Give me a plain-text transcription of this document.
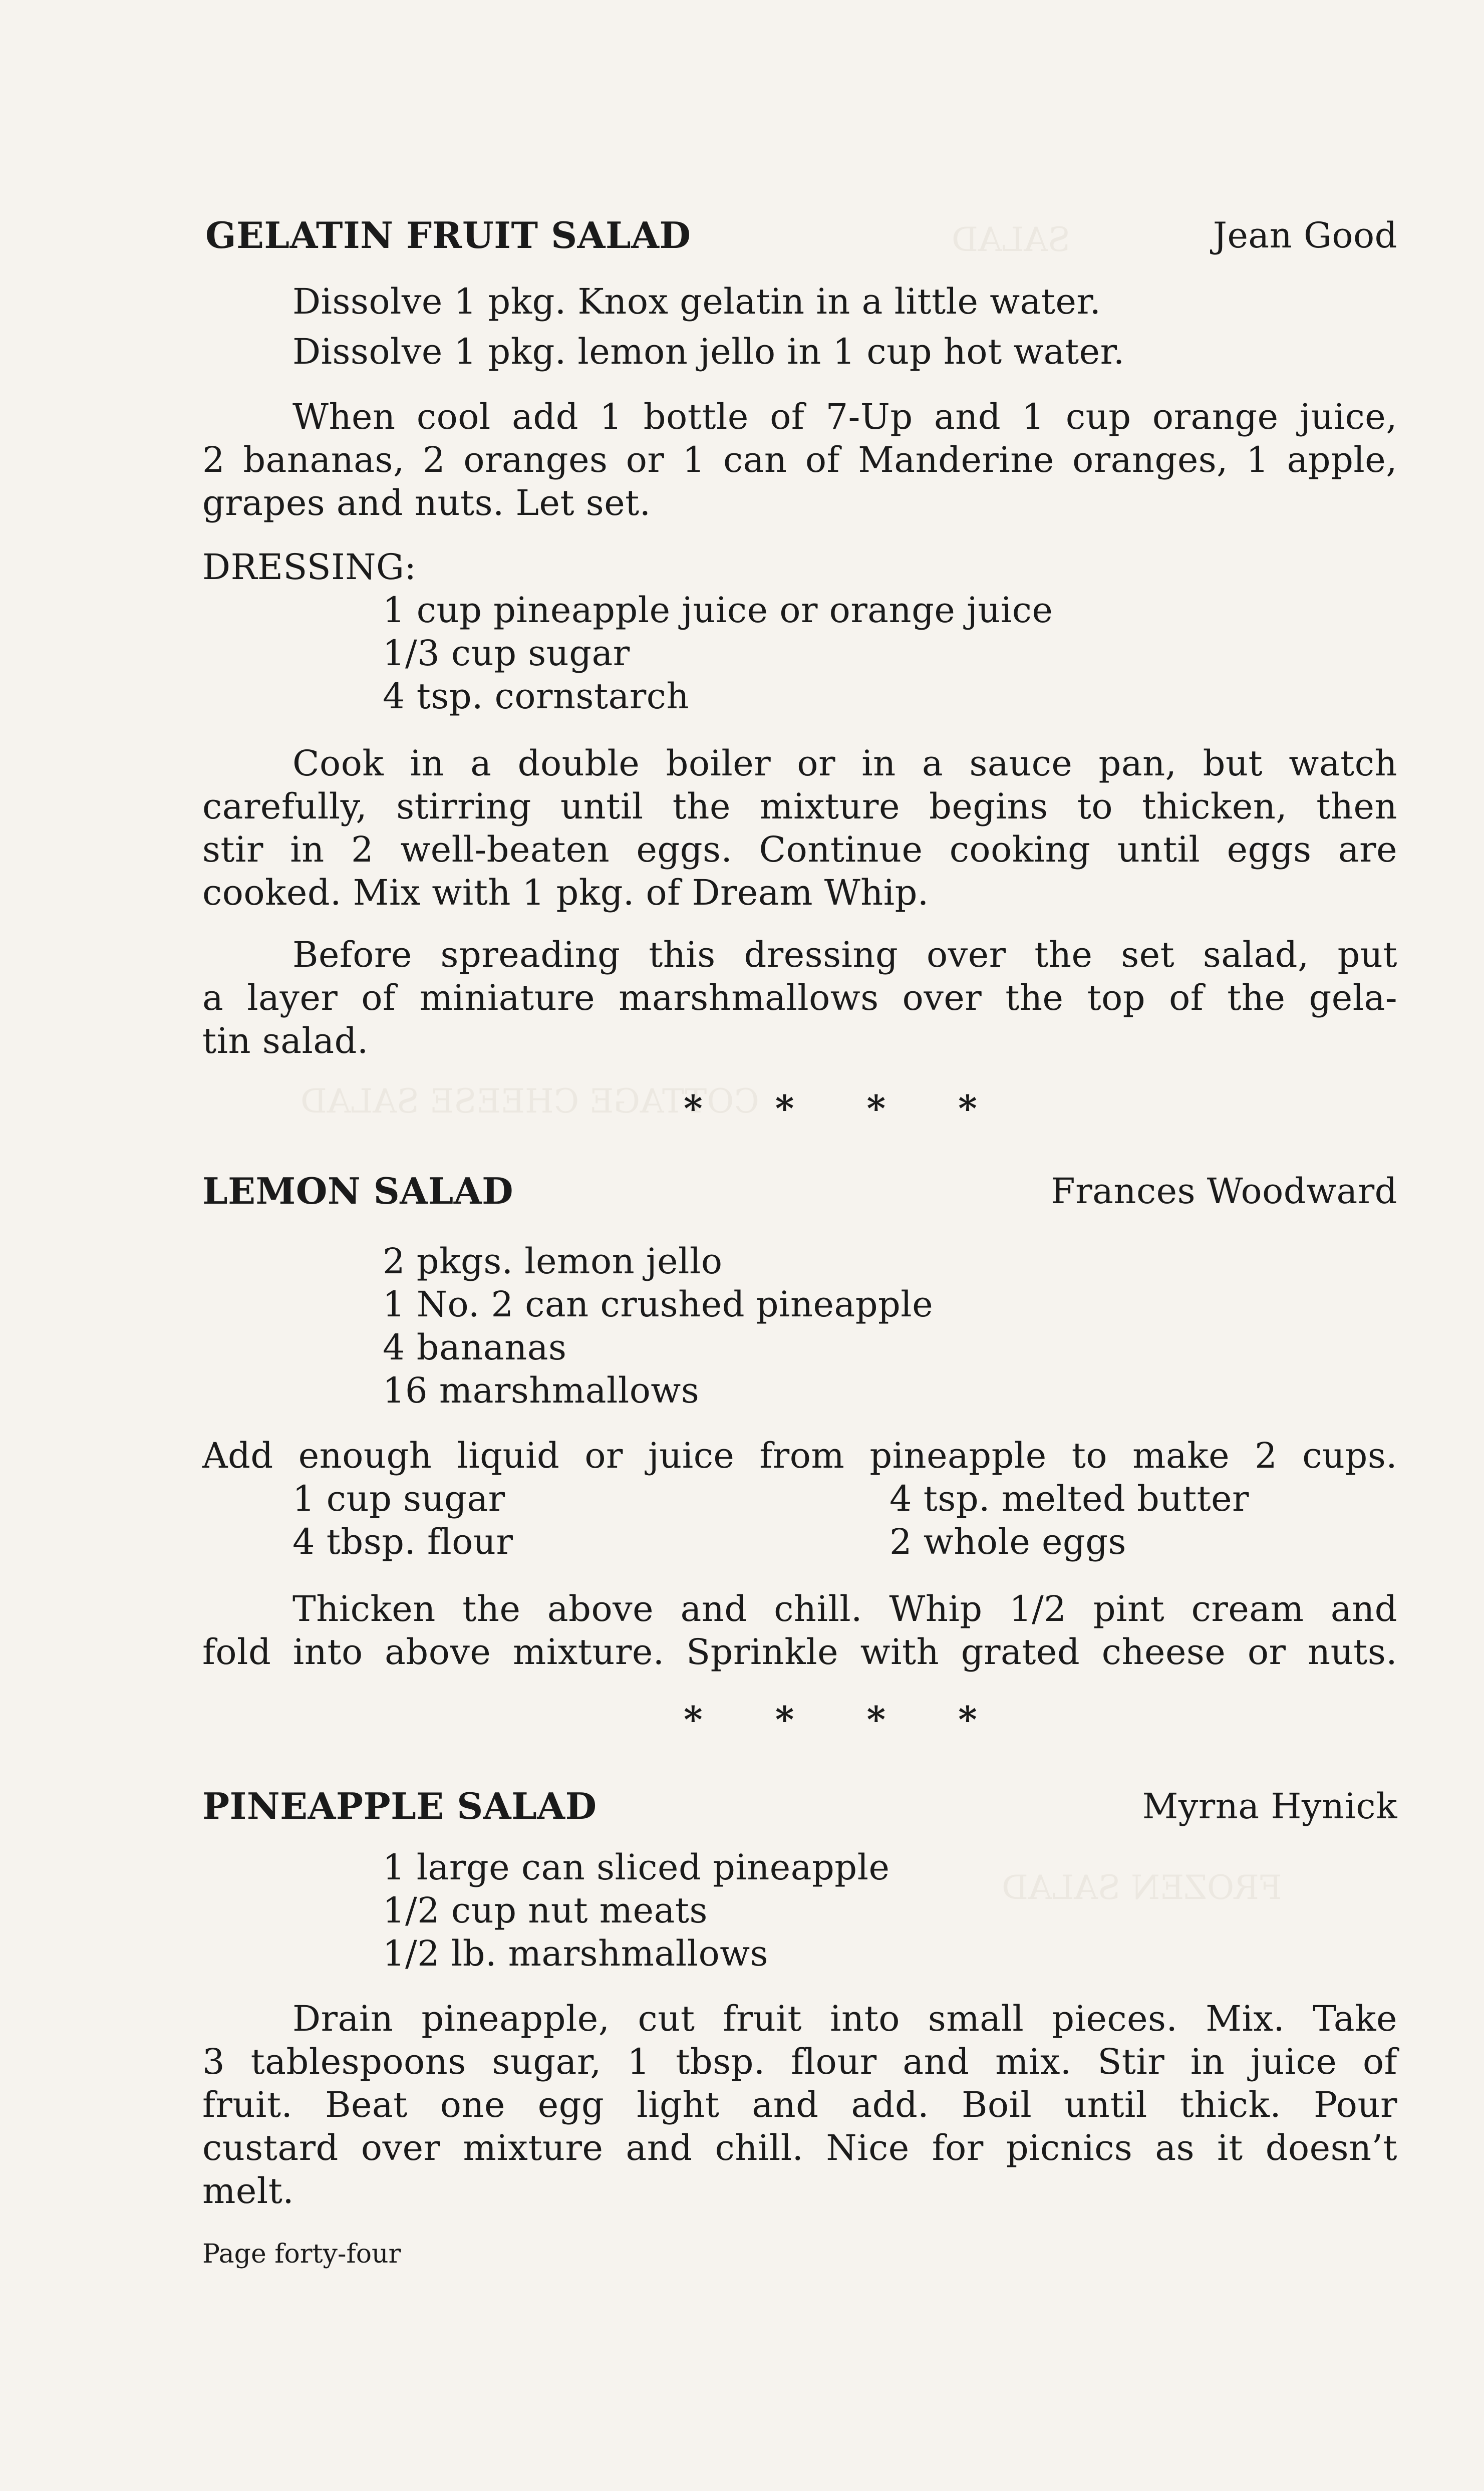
SALAD
COTTAGE CHEESE SALAD
FROZEN SALAD
GELATIN FRUIT SALAD	Jean Good
Dissolve 1 pkg. Knox gelatin in a little water.
Dissolve 1 pkg. lemon jello in 1 cup hot water.
When cool add 1 bottle of 7-Up and 1 cup orange juice,
2 bananas, 2 oranges or 1 can of Manderine oranges, 1 apple,
grapes and nuts. Let set.
DRESSING:
1 cup pineapple juice or orange juice
1/3 cup sugar
4 tsp. cornstarch
Cook in a double boiler or in a sauce pan, but watch
carefully, stirring until the mixture begins to thicken, then
stir in 2 well-beaten eggs. Continue cooking until eggs are
cooked. Mix with 1 pkg. of Dream Whip.
Before spreading this dressing over the set salad, put
a layer of miniature marshmallows over the top of the gela-
tin salad.
* * * *
LEMON SALAD	Frances Woodward
2 pkgs. lemon jello
1 No. 2 can crushed pineapple
4 bananas
16 marshmallows
Add enough liquid or juice from pineapple to make 2 cups.
1 cup sugar	4 tsp. melted butter
4 tbsp. flour	2 whole eggs
Thicken the above and chill. Whip 1/2 pint cream and
fold into above mixture. Sprinkle with grated cheese or nuts.
* * * *
PINEAPPLE SALAD	Myrna Hynick
1 large can sliced pineapple
1/2 cup nut meats
1/2 lb. marshmallows
Drain pineapple, cut fruit into small pieces. Mix. Take
3 tablespoons sugar, 1 tbsp. flour and mix. Stir in juice of
fruit. Beat one egg light and add. Boil until thick. Pour
custard over mixture and chill. Nice for picnics as it doesn’t
melt.
Page forty-four
